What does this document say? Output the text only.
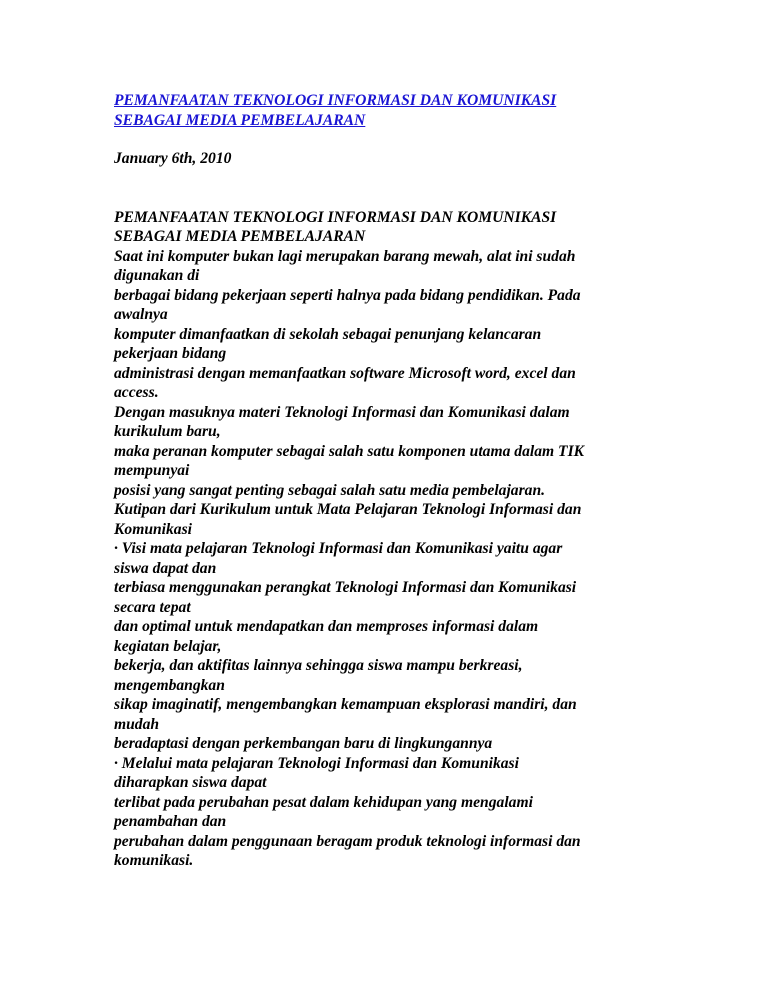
PEMANFAATAN TEKNOLOGI INFORMASI DAN KOMUNIKASI
SEBAGAI MEDIA PEMBELAJARAN
January 6th, 2010
PEMANFAATAN TEKNOLOGI INFORMASI DAN KOMUNIKASI
SEBAGAI MEDIA PEMBELAJARAN
Saat ini komputer bukan lagi merupakan barang mewah, alat ini sudah
digunakan di
berbagai bidang pekerjaan seperti halnya pada bidang pendidikan. Pada
awalnya
komputer dimanfaatkan di sekolah sebagai penunjang kelancaran
pekerjaan bidang
administrasi dengan memanfaatkan software Microsoft word, excel dan
access.
Dengan masuknya materi Teknologi Informasi dan Komunikasi dalam
kurikulum baru,
maka peranan komputer sebagai salah satu komponen utama dalam TIK
mempunyai
posisi yang sangat penting sebagai salah satu media pembelajaran.
Kutipan dari Kurikulum untuk Mata Pelajaran Teknologi Informasi dan
Komunikasi
· Visi mata pelajaran Teknologi Informasi dan Komunikasi yaitu agar
siswa dapat dan
terbiasa menggunakan perangkat Teknologi Informasi dan Komunikasi
secara tepat
dan optimal untuk mendapatkan dan memproses informasi dalam
kegiatan belajar,
bekerja, dan aktifitas lainnya sehingga siswa mampu berkreasi,
mengembangkan
sikap imaginatif, mengembangkan kemampuan eksplorasi mandiri, dan
mudah
beradaptasi dengan perkembangan baru di lingkungannya
· Melalui mata pelajaran Teknologi Informasi dan Komunikasi
diharapkan siswa dapat
terlibat pada perubahan pesat dalam kehidupan yang mengalami
penambahan dan
perubahan dalam penggunaan beragam produk teknologi informasi dan
komunikasi.
